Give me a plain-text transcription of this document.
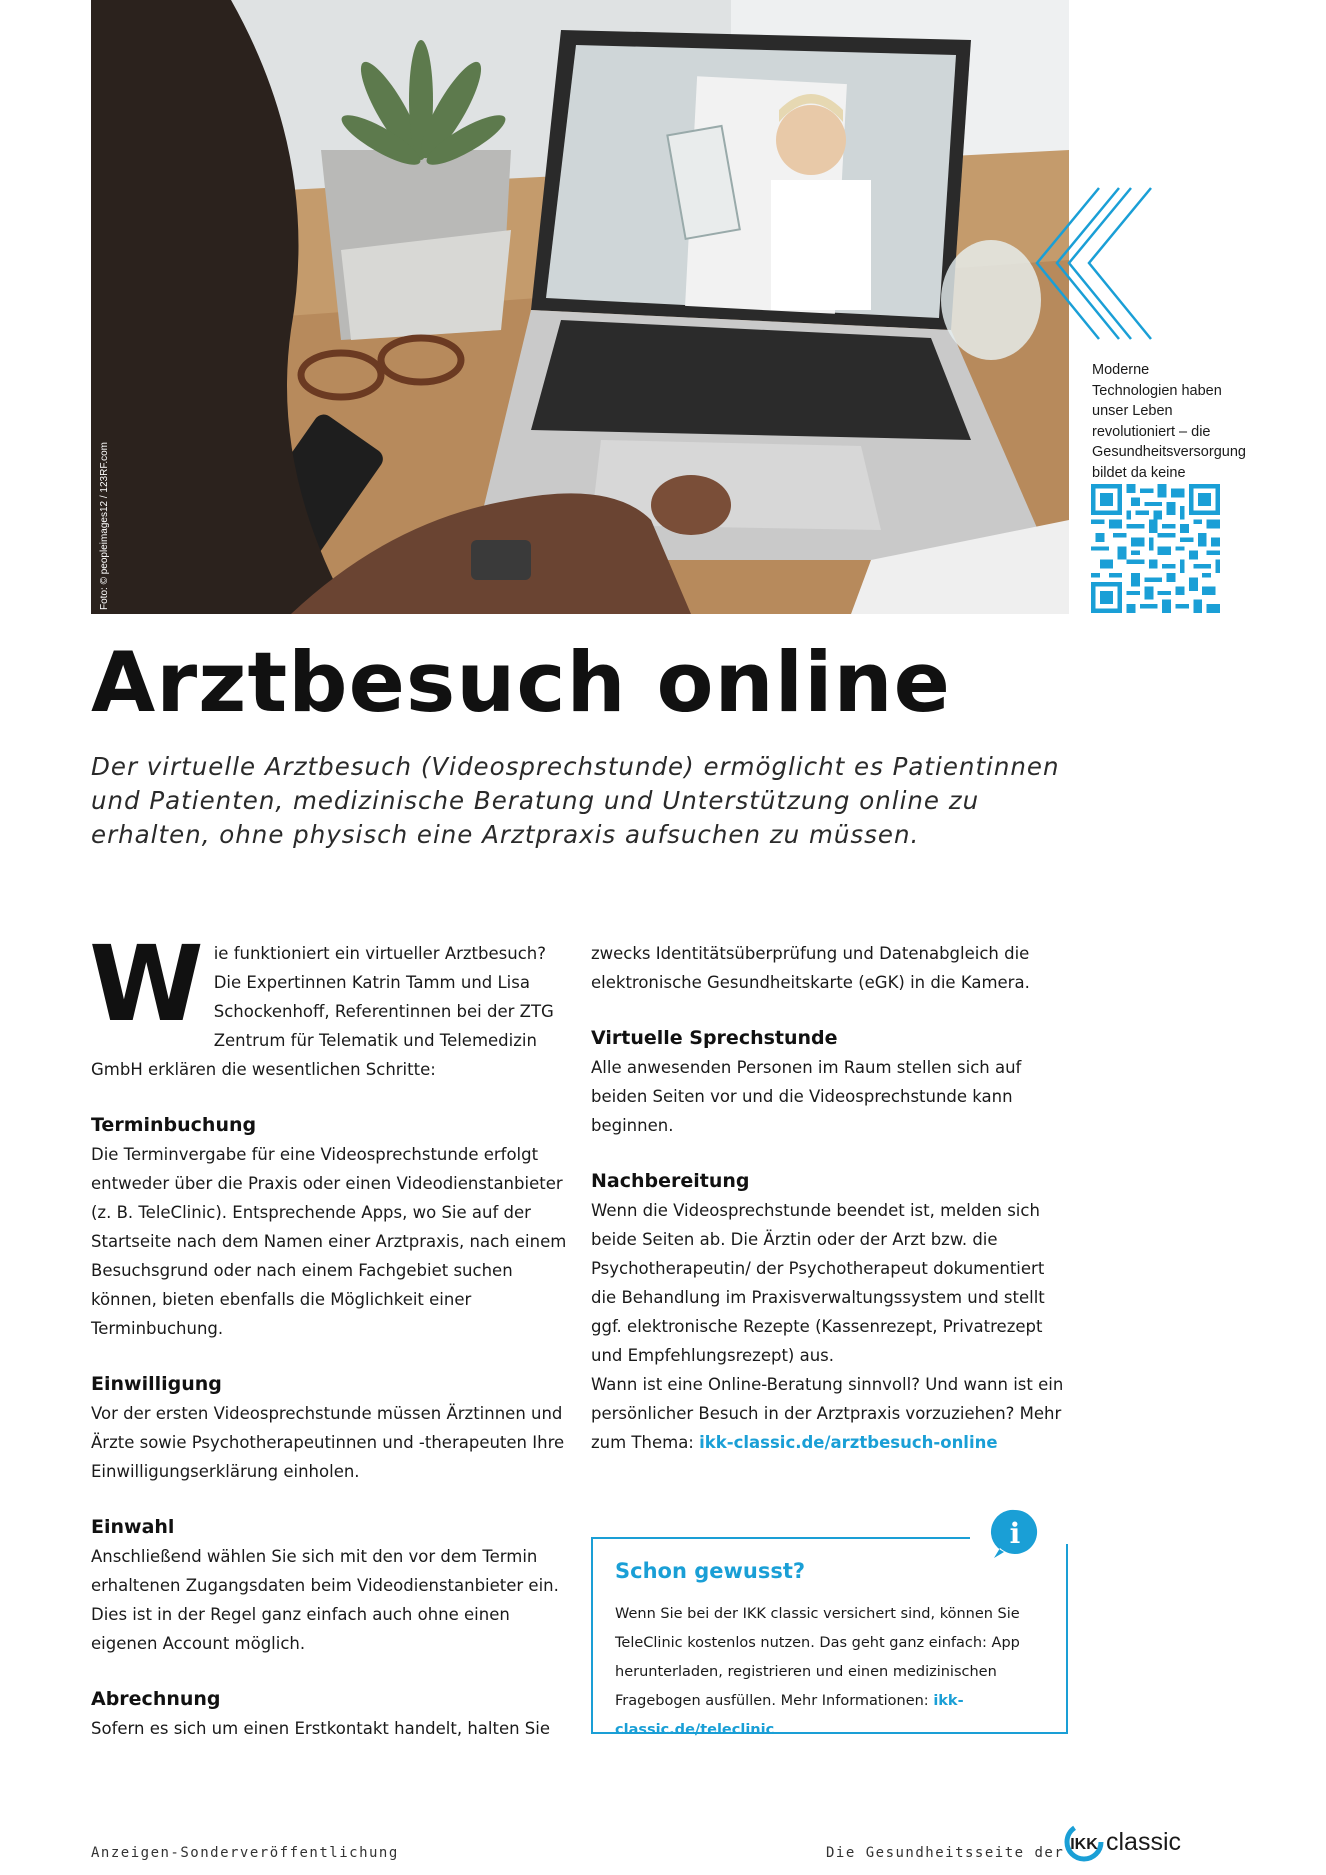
Foto: © peopleimages12 / 123RF.com
Moderne Technologien haben unser Leben revolutioniert – die Gesundheitsversorgung bildet da keine
Arztbesuch online
Der virtuelle Arztbesuch (Videosprechstunde) ermöglicht es Patientinnen und Patienten, medizinische Beratung und Unterstützung online zu erhalten, ohne physisch eine Arztpraxis aufsuchen zu müssen.

W ie funktioniert ein virtueller Arztbesuch? Die Expertinnen Katrin Tamm und Lisa Schockenhoff, Referentinnen bei der ZTG Zentrum für Telematik und Telemedizin GmbH erklären die wesentlichen Schritte:

Terminbuchung

Die Terminvergabe für eine Videosprechstunde erfolgt entweder über die Praxis oder einen Videodienstanbieter (z. B. TeleClinic). Entsprechende Apps, wo Sie auf der Startseite nach dem Namen einer Arztpraxis, nach einem Besuchsgrund oder nach einem Fachgebiet suchen können, bieten ebenfalls die Möglichkeit einer Terminbuchung.

Einwilligung

Vor der ersten Videosprechstunde müssen Ärztinnen und Ärzte sowie Psychotherapeutinnen und -therapeuten Ihre Einwilligungserklärung einholen.

Einwahl

Anschließend wählen Sie sich mit den vor dem Termin erhaltenen Zugangsdaten beim Videodienstanbieter ein. Dies ist in der Regel ganz einfach auch ohne einen eigenen Account möglich.

Abrechnung

Sofern es sich um einen Erstkontakt handelt, halten Sie

zwecks Identitätsüberprüfung und Datenabgleich die elektronische Gesundheitskarte (eGK) in die Kamera.

Virtuelle Sprechstunde

Alle anwesenden Personen im Raum stellen sich auf beiden Seiten vor und die Videosprechstunde kann beginnen.

Nachbereitung

Wenn die Videosprechstunde beendet ist, melden sich beide Seiten ab. Die Ärztin oder der Arzt bzw. die Psychotherapeutin/ der Psychotherapeut dokumentiert die Behandlung im Praxisverwaltungssystem und stellt ggf. elektronische Rezepte (Kassenrezept, Privatrezept und Empfehlungsrezept) aus.

Wann ist eine Online-Beratung sinnvoll? Und wann ist ein persönlicher Besuch in der Arztpraxis vorzuziehen? Mehr zum Thema: ikk-classic.de/arztbesuch-online

i
Schon gewusst?
Wenn Sie bei der IKK classic versichert sind, können Sie TeleClinic kostenlos nutzen. Das geht ganz einfach: App herunterladen, registrieren und einen medizinischen Fragebogen ausfüllen. Mehr Informationen: ikk-classic.de/teleclinic
Anzeigen-Sonderveröffentlichung	Die Gesundheitsseite der IKK classic
